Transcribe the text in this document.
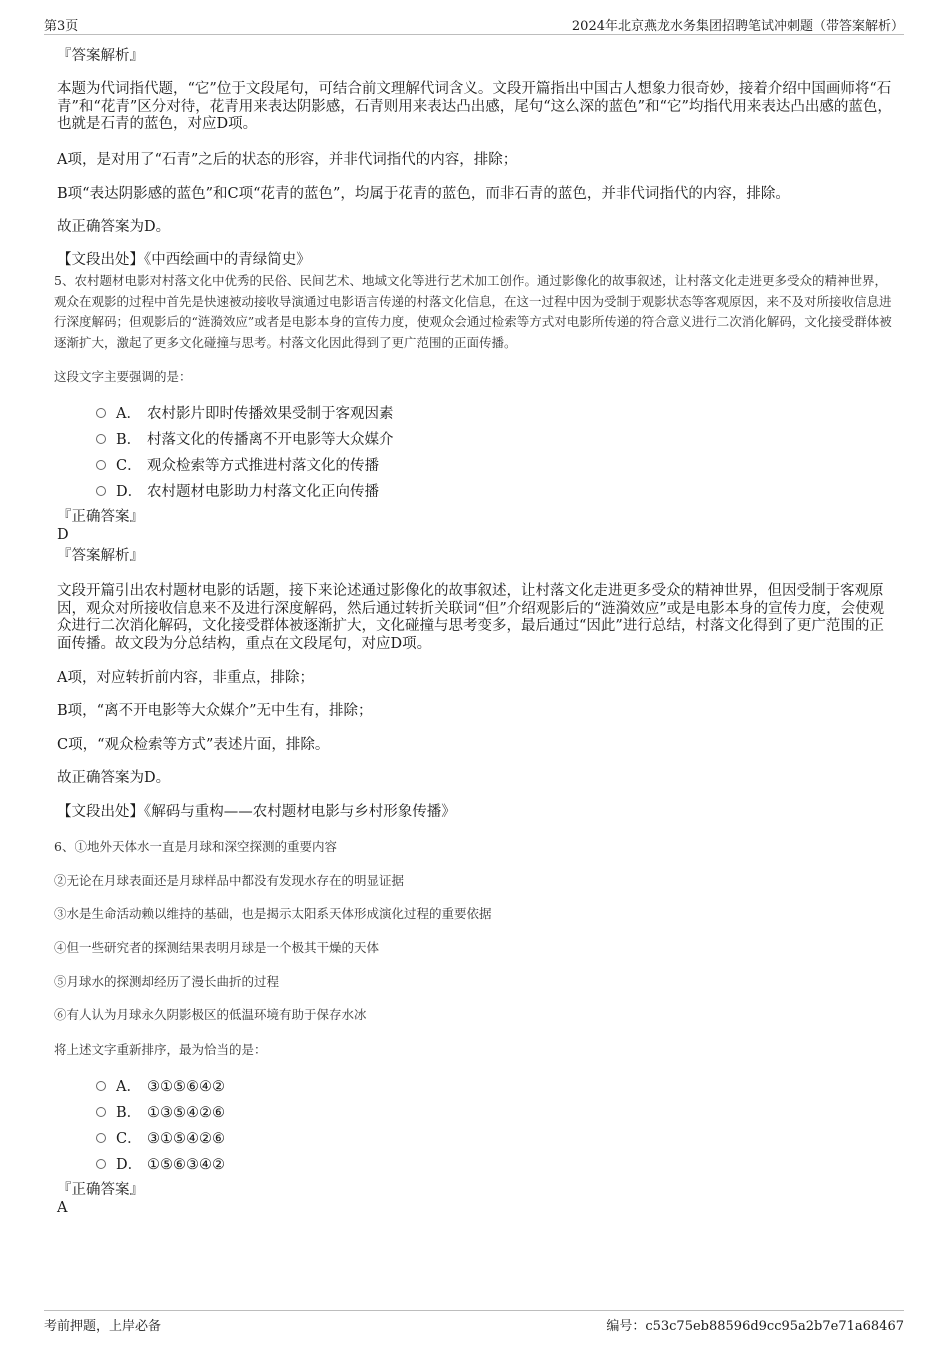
第3页	2024年北京燕龙水务集团招聘笔试冲刺题（带答案解析）
『答案解析』
本题为代词指代题，“它”位于文段尾句，可结合前文理解代词含义。文段开篇指出中国古人想象力很奇妙，接着介绍中国画师将“石青”和“花青”区分对待，花青用来表达阴影感，石青则用来表达凸出感，尾句“这么深的蓝色”和“它”均指代用来表达凸出感的蓝色，也就是石青的蓝色，对应D项。
A项，是对用了“石青”之后的状态的形容，并非代词指代的内容，排除；
B项“表达阴影感的蓝色”和C项“花青的蓝色”，均属于花青的蓝色，而非石青的蓝色，并非代词指代的内容，排除。
故正确答案为D。
【文段出处】《中西绘画中的青绿简史》
5、农村题材电影对村落文化中优秀的民俗、民间艺术、地域文化等进行艺术加工创作。通过影像化的故事叙述，让村落文化走进更多受众的精神世界，观众在观影的过程中首先是快速被动接收导演通过电影语言传递的村落文化信息，在这一过程中因为受制于观影状态等客观原因，来不及对所接收信息进行深度解码；但观影后的“涟漪效应”或者是电影本身的宣传力度，使观众会通过检索等方式对电影所传递的符合意义进行二次消化解码，文化接受群体被逐渐扩大，激起了更多文化碰撞与思考。村落文化因此得到了更广范围的正面传播。
这段文字主要强调的是：
A． 农村影片即时传播效果受制于客观因素
B． 村落文化的传播离不开电影等大众媒介
C． 观众检索等方式推进村落文化的传播
D． 农村题材电影助力村落文化正向传播
『正确答案』
D
『答案解析』
文段开篇引出农村题材电影的话题，接下来论述通过影像化的故事叙述，让村落文化走进更多受众的精神世界，但因受制于客观原因，观众对所接收信息来不及进行深度解码，然后通过转折关联词“但”介绍观影后的“涟漪效应”或是电影本身的宣传力度，会使观众进行二次消化解码，文化接受群体被逐渐扩大，文化碰撞与思考变多，最后通过“因此”进行总结，村落文化得到了更广范围的正面传播。故文段为分总结构，重点在文段尾句，对应D项。
A项，对应转折前内容，非重点，排除；
B项，“离不开电影等大众媒介”无中生有，排除；
C项，“观众检索等方式”表述片面，排除。
故正确答案为D。
【文段出处】《解码与重构——农村题材电影与乡村形象传播》
6、①地外天体水一直是月球和深空探测的重要内容
②无论在月球表面还是月球样品中都没有发现水存在的明显证据
③水是生命活动赖以维持的基础，也是揭示太阳系天体形成演化过程的重要依据
④但一些研究者的探测结果表明月球是一个极其干燥的天体
⑤月球水的探测却经历了漫长曲折的过程
⑥有人认为月球永久阴影极区的低温环境有助于保存水冰
将上述文字重新排序，最为恰当的是：
A． ③①⑤⑥④②
B． ①③⑤④②⑥
C． ③①⑤④②⑥
D． ①⑤⑥③④②
『正确答案』
A
考前押题，上岸必备	编号：c53c75eb88596d9cc95a2b7e71a68467
